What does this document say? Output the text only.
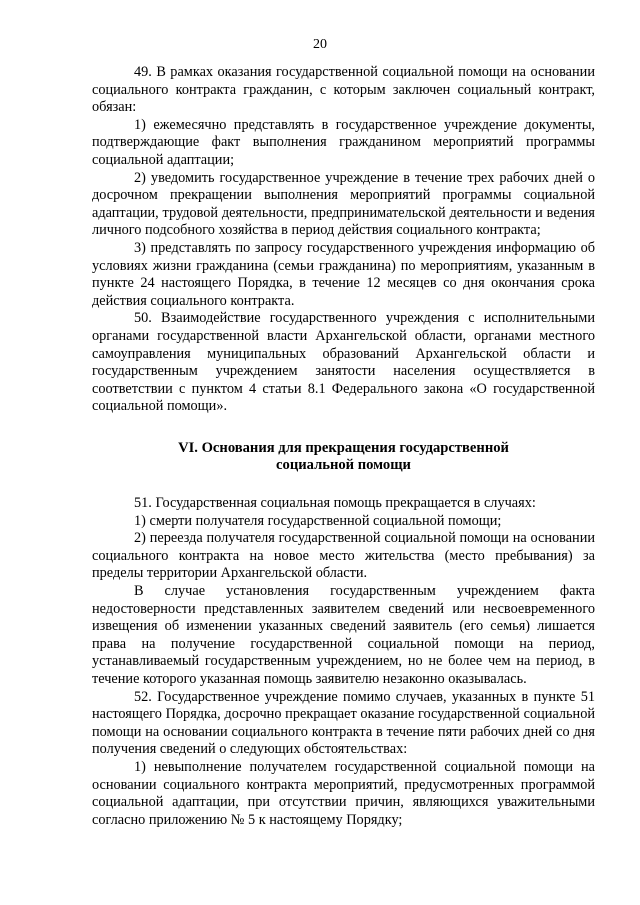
20

49. В рамках оказания государственной социальной помощи на основании социального контракта гражданин, с которым заключен социальный контракт, обязан:

1) ежемесячно представлять в государственное учреждение документы, подтверждающие факт выполнения гражданином мероприятий программы социальной адаптации;

2) уведомить государственное учреждение в течение трех рабочих дней о досрочном прекращении выполнения мероприятий программы социальной адаптации, трудовой деятельности, предпринимательской деятельности и ведения личного подсобного хозяйства в период действия социального контракта;

3) представлять по запросу государственного учреждения информацию об условиях жизни гражданина (семьи гражданина) по мероприятиям, указанным в пункте 24 настоящего Порядка, в течение 12 месяцев со дня окончания срока действия социального контракта.

50. Взаимодействие государственного учреждения с исполнительными органами государственной власти Архангельской области, органами местного самоуправления муниципальных образований Архангельской области и государственным учреждением занятости населения осуществляется в соответствии с пунктом 4 статьи 8.1 Федерального закона «О государственной социальной помощи».

VI. Основания для прекращения государственной

социальной помощи

51. Государственная социальная помощь прекращается в случаях:

1) смерти получателя государственной социальной помощи;

2) переезда получателя государственной социальной помощи на основании социального контракта на новое место жительства (место пребывания) за пределы территории Архангельской области.

В случае установления государственным учреждением факта недостоверности представленных заявителем сведений или несвоевременного извещения об изменении указанных сведений заявитель (его семья) лишается права на получение государственной социальной помощи на период, устанавливаемый государственным учреждением, но не более чем на период, в течение которого указанная помощь заявителю незаконно оказывалась.

52. Государственное учреждение помимо случаев, указанных в пункте 51 настоящего Порядка, досрочно прекращает оказание государственной социальной помощи на основании социального контракта в течение пяти рабочих дней со дня получения сведений о следующих обстоятельствах:

1) невыполнение получателем государственной социальной помощи на основании социального контракта мероприятий, предусмотренных программой социальной адаптации, при отсутствии причин, являющихся уважительными согласно приложению № 5 к настоящему Порядку;
